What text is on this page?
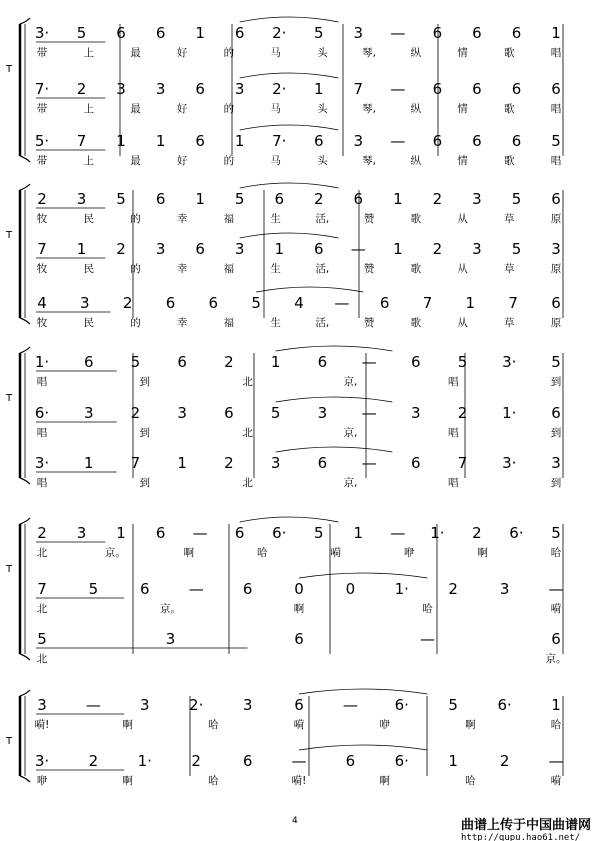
T
3· 5 6 6 1 6 2· 5 3 — 6 6 6 1
带	上	最	好	的	马	头	琴,	纵	情	歌	唱
7· 2 3 3 6 3 2· 1 7 — 6 6 6 6
带	上	最	好	的	马	头	琴,	纵	情	歌	唱
5· 7 1 1 6 1 7· 6 3 — 6 6 6 5
带	上	最	好	的	马	头	琴,	纵	情	歌	唱
T
2 3 5 6 1 5 6 2 6 1 2 3 5 6
牧	民	的	幸	福	生	活,	赞	歌	从	草	原
7 1 2 3 6 3 1 6 — 1 2 3 5 3
牧	民	的	幸	福	生	活,	赞	歌	从	草	原
4 3 2 6 6 5 4 — 6 7 1 7 6
牧	民	的	幸	福	生	活,	赞	歌	从	草	原
T
1· 6 5 6 2 1 6 — 6 5 3· 5
唱	到	北	京,	唱	到
6· 3 2 3 6 5 3 — 3 2 1· 6
唱	到	北	京,	唱	到
3· 1 7 1 2 3 6 — 6 7 3· 3
唱	到	北	京,	唱	到
T
2 3 1 6 — 6 6· 5 1 — 1· 2 6· 5
北	京。	啊	哈	嗬	咿	啊	哈
7	5	6	—	6	0	0	1·	2	3	—
北	京。	啊	哈	嗬
5	3	6	—	6
北	京。
T
3	—	3	2·	3	6	— 6·	5	6·	1
嗬!	啊	哈	嗬	咿	啊	哈
3·	2	1·	2	6	—	6	6·	1	2	—
咿	啊	哈	嗬!	啊	哈	嗬
4	曲谱上传于中国曲谱网
http://qupu.hao61.net/
